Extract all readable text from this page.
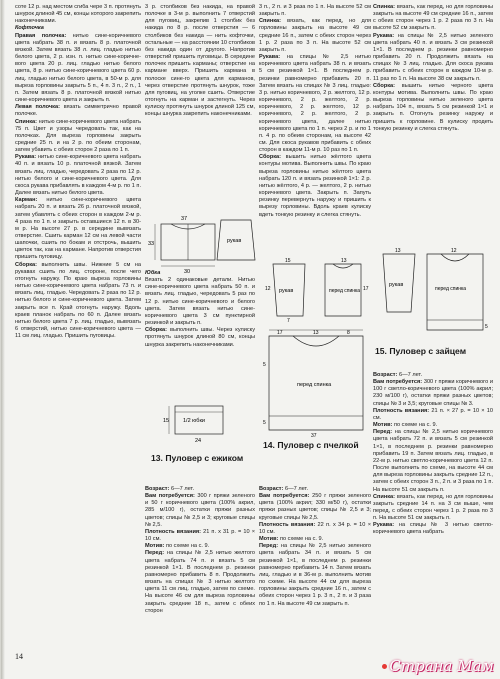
сотe 12 р. над местом сгиба чере 3 п. протянуть шнурок длиной 45 см, концы которого закрепить наконечниками.

Кофточка

Правая полочка: нитью сине-коричневого цвета набрать 38 п. и вязать 8 р. платочной вязкой. Затем вязать 38 л. лиц. гладью нитью белого цвета, 2 р. изн. п. нитью сине-коричневого цвета 20 р. лиц. гладью нитью белого цвета, 8 р. нитью сине-коричневого цвета 60 р. лиц. гладью нитью белого цвета, в 50-м р. для выреза горловины закрыть 5 п., 4 п. 3 п., 2 п., 1 п. Затем вязать 8 р. платочной вязкой нитью сине-коричневого цвета и закрыть п.

Левая полочка: вязать симметрично правой полочке.

Спинка: нитью сине-коричневого цвета набрать 75 п. Цвет и узоры чередовать так, как на полочках. Для выреза горловины закрыть средние 25 п. и на 2 р. по обеим сторонам, затем убавить с обеих сторон 2 раза по 1 п.

Рукава: нитью сине-коричневого цвета набрать 40 п. и вязать 10 р. платочной вязкой. Затем вязать лиц. гладью, чередовать 2 раза по 12 р. нитью белого и сине-коричневого цвета. Для скоса рукава прибавлять в каждом 4-м р. по 1 п. Далее вязать нитью белого цвета.

Карман: нитью сине-коричневого цвета набрать 20 п. и вязать 26 р. платочной вязкой, затем убавлять с обеих сторон в каждом 2-м р. 4 раза по 1 п. и закрыть оставшиеся 12 п. в 30-м р. На высоте 27 р. в середине вывязать отверстие. Сшить карман 12 см на левой части шапочки, сшить по бокам и отстрочь, вышить цветок так, как на кармане. Напротив отверстия пришить пуговицу.

Сборка: выполнить швы. Нижние 5 см на рукавах сшить по лиц. стороне, после чего отогнуть наружу. По краю выреза горловины нитью сине-коричневого цвета набрать 73 п. и вязать лиц. гладью. Чередовать 2 раза по 12 р. нитью белого и сине-коричневого цвета. Затем закрыть все п. Край отогнуть наружу. Вдоль краев планок набрать по 60 п. Далее вязать нитью белого цвета 7 р. лиц. гладью, вывязать 6 отверстий, нитью сине-коричневого цвета — 11 см лиц. гладью. Пришить пуговицы.

3 р. столбиков без накида, на правой полочке в 3-м р. выполнить 7 отверстий для пуговиц, закрепив 1 столбик без накида по 8 р. после отверстия — 6 столбиков без накида — нить кофточки, остальные — на расстоянии 10 столбиков без накида один от другого. Напротив отверстий пришить пуговицы. В середине полочек пришить карманы; отверстие на кармане вверх. Пришить кармана в полоске сине-го цвета для карманов, через отверстие протянуть шнурок, тоже для пуговиц, на уголке сшить. Отверстие отогнуть на карман и застегнуть. Через кулиску протянуть шнурок длиной 125 см, концы шнурка закрепить наконечниками.

33
30
рукав
37

Юбка

Вязать 2 одинаковые детали. Нитью сине-коричневого цвета набрать 50 п. и вязать лиц. гладью, чередовать 5 раз по 12 р. нитью сине-коричневого и белого цвета. Затем вязать нитью сине-коричневого цвета 3 см пунктирной резинкой и закрыть п.

Сборка: выполнить швы. Через кулиску протянуть шнурок длиной 80 см, концы шнурка закрепить наконечниками.

1/2 юбки
15
24
13. Пуловер с ежиком

Возраст: 6—7 лет.

Вам потребуется: 300 г пряжи зеленого и 50 г коричневого цвета (100% акрил, 285 м/100 г), остатки пряжи разных цветов; спицы № 2,5 и 3; круговые спицы № 2,5.

Плотность вязания: 21 п. х 31 р. = 10 × 10 см.

Мотив: по схеме на с. 9.

Перед: на спицы № 2,5 нитью желтого цвета набрать 74 п. и вязать 5 см резинкой 1×1. В последнем р. резинки равномерно прибавить 8 п. Продолжить вязать на спицах № 3 нитью желтого цвета 11 см лиц. гладью, затем по схеме. На высоте 46 см для выреза горловины закрыть средние 18 п., затем с обеих сторон

3 п., 2 п. и 3 раза по 1 п. На высоте 52 см закрыть п.

Спинка: вязать, как перед, но для горловины закрыть на высоте 49 см средние 16 п., затем с обеих сторон через 1 р. 2 раза по 3 п. На высоте 52 см закрыть п.

Рукава: на спицы № 2,5 нитью коричневого цвета набрать 38 п. и вязать 5 см резинкой 1×1. В последнем р. резинки равномерно прибавить 20 п. Затем вязать на спицах № 3 лиц. гладью: 3 р. нитью коричневого, 2 р. желтого, 12 р. коричневого, 2 р. желтого, 2 р. коричневого, 2 р. желтого, 12 р. коричневого, 2 р. желтого, 2 р. коричневого цвета, далее нитью коричневого цвета по 1 п. через 2 р. и по 1 п. 4 р. по обеим сторонам, на высоте 42 см. Для скоса рукавов прибавить с обеих сторон в каждом 11-м р. 10 раз по 1 п.

Сборка: вышить нитью жёлтого цвета контуры мотива. Выполнить швы. По краю выреза горловины нитью жёлтого цвета набрать 120 п. и вязать резинкой 1×1: 2 р. нитью жёлтого, 4 р. — желтого, 2 р. нитью коричневого цвета. Закрыть п. Запуть резинку перевернуть наружу и пришить к вырезу горловины. Вдоль краев кулиску вдеть тонкую резинку и слегка стянуть.

рукав	перед спинка
15
12
13
17
7
перед спинка
17	13	8
5
5
37
14. Пуловер с пчелкой

Возраст: 6—7 лет.

Вам потребуется: 250 г пряжи зеленого цвета (100% акрил; 330 м/50 г), остатки пряжи разных цветов; спицы № 2,5 и 3; круговые спицы № 2,5.

Плотность вязания: 22 п. х 34 р. = 10 × 10 см.

Мотив: по схеме на с. 9.

Перед: на спицы № 2,5 нитью зеленого цвета набрать 34 п. и вязать 5 см резинкой 1×1, в последнем р. резинки равномерно прибавить 14 п. Затем вязать лиц. гладью и в 36-м р. выполнить мотив по схеме. На высоте 44 см для выреза горловины закрыть средние 16 п., затем с обеих сторон через 1 р. 3 п., 2 п. и 3 раза по 1 п. На высоте 49 см закрыть п.

Спинка: вязать, как перед, но для горловины закрыть на высоте 49 см средние 16 п., затем с обеих сторон через 1 р. 2 раза по 3 п. На высоте 52 см закрыть п.

Рукава: на спицы № 2,5 нитью зеленого цвета набрать 40 п. и вязать 3 см резинкой 1×1. В последнем р. резинки равномерно прибавить 20 п. Продолжить вязать на спицах № 3 лиц. гладью. Для скоса рукава прибавить с обеих сторон в каждом 10-м р. 11 раз по 1 п. На высоте 38 см закрыть п.

Сборка: вышить нитью черного цвета контуры мотива. Выполнить швы. По краю выреза горловины нитью зеленого цвета набрать 104 п., вязать 5 см резинкой 1×1 и закрыть п. Отогнуть резинку наружу и пришить к горловине. В кулиску продеть тонкую резинку и слегка стянуть.

рукав
перед спинка
13	12
5
15. Пуловер с зайцем

Возраст: 6—7 лет.

Вам потребуется: 300 г пряжи коричневого и 100 г светло-коричневого цвета (100% акрил; 230 м/100 г), остатки пряжи разных цветов; спицы № 3 и 3,5; круговые спицы № 3.

Плотность вязания: 21 п. × 27 р. = 10 × 10 см.

Мотив: по схеме на с. 9.

Перед: на спицы № 2,5 нитью коричневого цвета набрать 72 п. и вязать 5 см резинкой 1×1, в последнем р. резинки равномерно прибавить 19 п. Затем вязать лиц. гладью, в 22-м р. нитью светло-коричневого цвета 12 п. После выполнить по схеме, на высоте 44 см для выреза горловины закрыть средние 12 п., затем с обеих сторон 3 п., 2 п. и 3 раза по 1 п. На высоте 51 см закрыть п.

Спинка: вязать, как перед, но для горловины закрыть средние 14 п. на 3 см выше, чем перед, с обеих сторон через 1 р. 2 раза по 3 п. На высоте 51 см закрыть п.

Рукава: на спицы № 3 нитью светло-коричневого цвета набрать

14
Страна Мам
